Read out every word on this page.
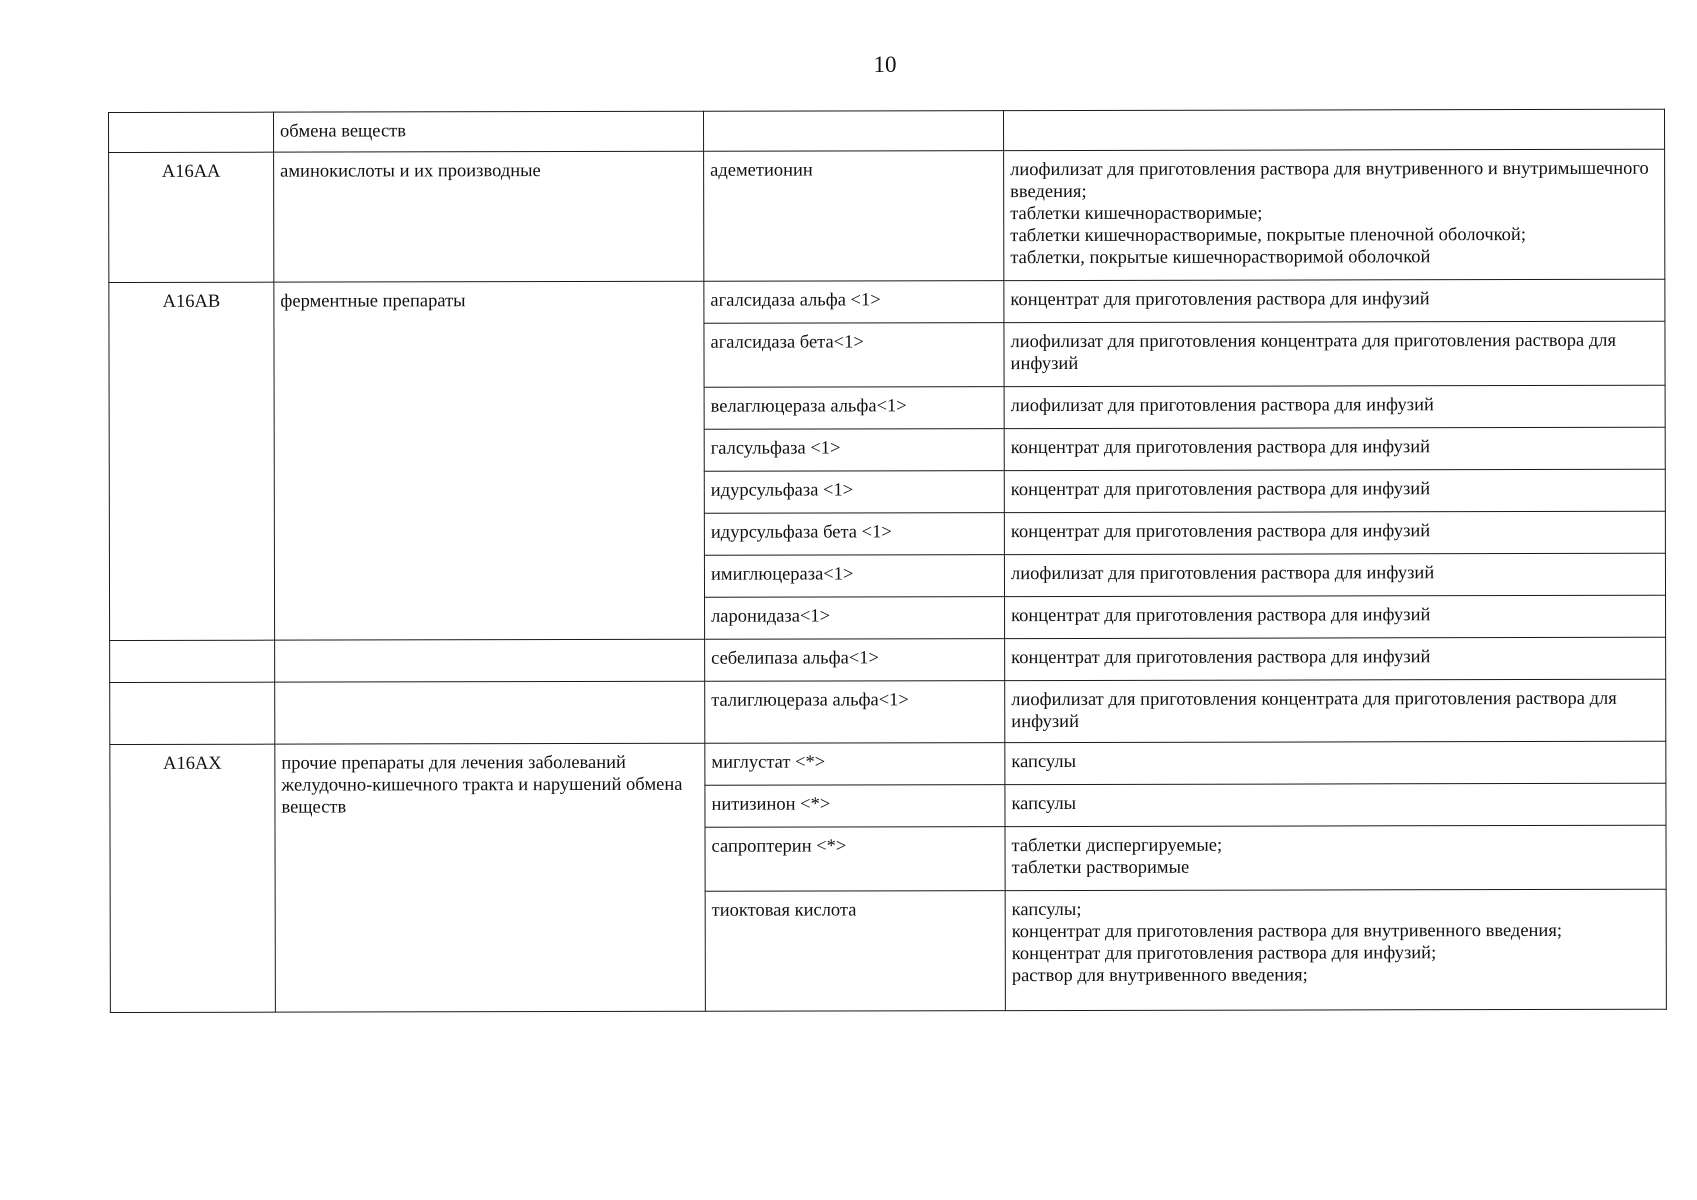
10
	обмена веществ		
A16AA	аминокислоты и их производные	адеметионин	лиофилизат для приготовления раствора для внутривенного и внутримышечного введения;
таблетки кишечнорастворимые;
таблетки кишечнорастворимые, покрытые пленочной оболочкой;
таблетки, покрытые кишечнорастворимой оболочкой

A16AB	ферментные препараты	агалсидаза альфа <1>	концентрат для приготовления раствора для инфузий

		агалсидаза бета<1>	лиофилизат для приготовления концентрата для приготовления раствора для инфузий

		велаглюцераза альфа<1>	лиофилизат для приготовления раствора для инфузий

		галсульфаза <1>	концентрат для приготовления раствора для инфузий

		идурсульфаза <1>	концентрат для приготовления раствора для инфузий

		идурсульфаза бета <1>	концентрат для приготовления раствора для инфузий

		имиглюцераза<1>	лиофилизат для приготовления раствора для инфузий

		ларонидаза<1>	концентрат для приготовления раствора для инфузий

		себелипаза альфа<1>	концентрат для приготовления раствора для инфузий

		талиглюцераза альфа<1>	лиофилизат для приготовления концентрата для приготовления раствора для инфузий

A16AX	прочие препараты для лечения заболеваний желудочно-кишечного тракта и нарушений обмена веществ	миглустат <*>	капсулы

		нитизинон <*>	капсулы

		сапроптерин <*>	таблетки диспергируемые;
таблетки растворимые

		тиоктовая кислота	капсулы;
концентрат для приготовления раствора для внутривенного введения;
концентрат для приготовления раствора для инфузий;
раствор для внутривенного введения;
